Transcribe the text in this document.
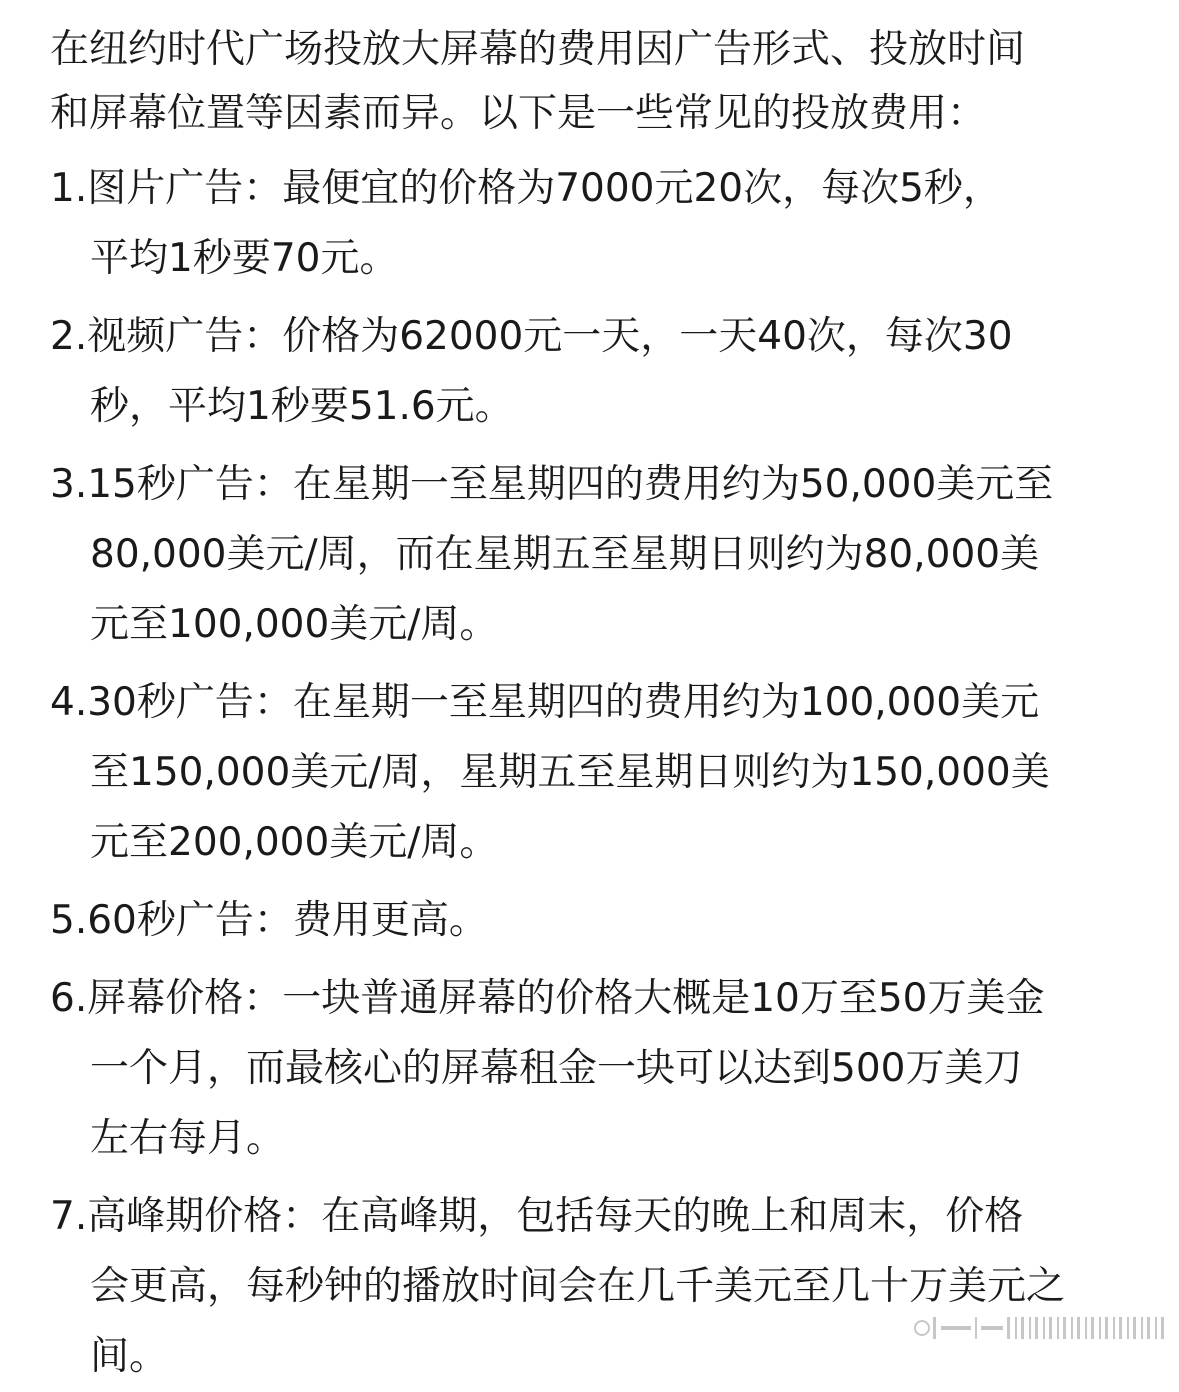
在纽约时代广场投放大屏幕的费用因广告形式、投放时间
和屏幕位置等因素而异。以下是一些常见的投放费用：
1.图片广告：最便宜的价格为7000元20次，每次5秒，
平均1秒要70元。
2.视频广告：价格为62000元一天，一天40次，每次30
秒，平均1秒要51.6元。
3.15秒广告：在星期一至星期四的费用约为50,000美元至
80,000美元/周，而在星期五至星期日则约为80,000美
元至100,000美元/周。
4.30秒广告：在星期一至星期四的费用约为100,000美元
至150,000美元/周，星期五至星期日则约为150,000美
元至200,000美元/周。
5.60秒广告：费用更高。
6.屏幕价格：一块普通屏幕的价格大概是10万至50万美金
一个月，而最核心的屏幕租金一块可以达到500万美刀
左右每月。
7.高峰期价格：在高峰期，包括每天的晚上和周末，价格
会更高，每秒钟的播放时间会在几千美元至几十万美元之
间。
